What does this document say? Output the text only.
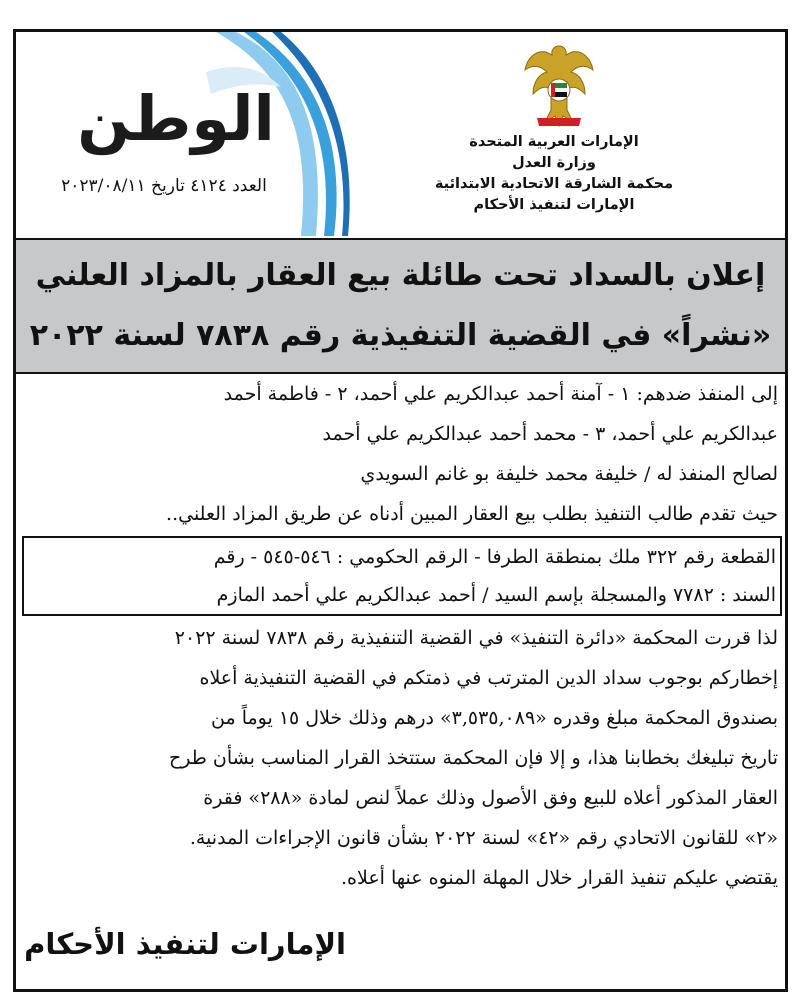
الوطن
العدد ٤١٢٤ تاريخ ٢٠٢٣/٠٨/١١
الإمارات العربية المتحدة
وزارة العدل
محكمة الشارقة الاتحادية الابتدائية
الإمارات لتنفيذ الأحكام
إعلان بالسداد تحت طائلة بيع العقار بالمزاد العلني
«نشراً» في القضية التنفيذية رقم ٧٨٣٨ لسنة ٢٠٢٢
إلى المنفذ ضدهم: ١ - آمنة أحمد عبدالكريم علي أحمد، ٢ - فاطمة أحمد
عبدالكريم علي أحمد، ٣ - محمد أحمد عبدالكريم علي أحمد
لصالح المنفذ له / خليفة محمد خليفة بو غانم السويدي
حيث تقدم طالب التنفيذ بطلب بيع العقار المبين أدناه عن طريق المزاد العلني..
القطعة رقم ٣٢٢ ملك بمنطقة الطرفا - الرقم الحكومي : ٥٤٦-٥٤٥ - رقم
السند : ٧٧٨٢ والمسجلة بإسم السيد / أحمد عبدالكريم علي أحمد المازم
لذا قررت المحكمة «دائرة التنفيذ» في القضية التنفيذية رقم ٧٨٣٨ لسنة ٢٠٢٢
إخطاركم بوجوب سداد الدين المترتب في ذمتكم في القضية التنفيذية أعلاه
بصندوق المحكمة مبلغ وقدره «٣,٥٣٥,٠٨٩» درهم وذلك خلال ١٥ يوماً من
تاريخ تبليغك بخطابنا هذا، و إلا فإن المحكمة ستتخذ القرار المناسب بشأن طرح
العقار المذكور أعلاه للبيع وفق الأصول وذلك عملاً لنص لمادة «٢٨٨» فقرة
«٢» للقانون الاتحادي رقم «٤٢» لسنة ٢٠٢٢ بشأن قانون الإجراءات المدنية.
يقتضي عليكم تنفيذ القرار خلال المهلة المنوه عنها أعلاه.
الإمارات لتنفيذ الأحكام
